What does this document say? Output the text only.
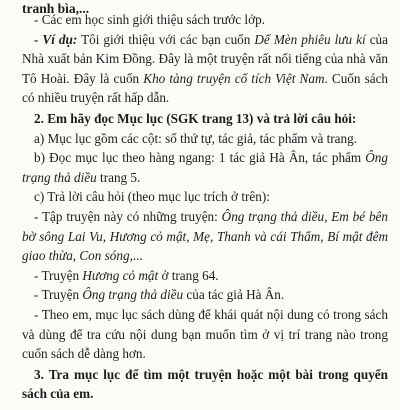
tranh bìa,...

- Các em học sinh giới thiệu sách trước lớp.

- Ví dụ: Tôi giới thiệu với các bạn cuốn Dế Mèn phiêu lưu kí của Nhà xuất bản Kim Đồng. Đây là một truyện rất nổi tiếng của nhà văn Tô Hoài. Đây là cuốn Kho tàng truyện cổ tích Việt Nam. Cuốn sách có nhiều truyện rất hấp dẫn.

2. Em hãy đọc Mục lục (SGK trang 13) và trả lời câu hỏi:

a) Mục lục gồm các cột: số thứ tự, tác giả, tác phẩm và trang.

b) Đọc mục lục theo hàng ngang: 1 tác giả Hà Ân, tác phẩm Ông trạng thả diều trang 5.

c) Trả lời câu hỏi (theo mục lục trích ở trên):

- Tập truyện này có những truyện: Ông trạng thả diều, Em bé bên bờ sông Lai Vu, Hương cỏ mật, Mẹ, Thanh và cái Thẩm, Bí mật đêm giao thừa, Con sóng,...

- Truyện Hương cỏ mật ở trang 64.

- Truyện Ông trạng thả diều của tác giả Hà Ân.

- Theo em, mục lục sách dùng để khái quát nội dung có trong sách và dùng để tra cứu nội dung bạn muốn tìm ở vị trí trang nào trong cuốn sách dễ dàng hơn.

3. Tra mục lục để tìm một truyện hoặc một bài trong quyển sách của em.
